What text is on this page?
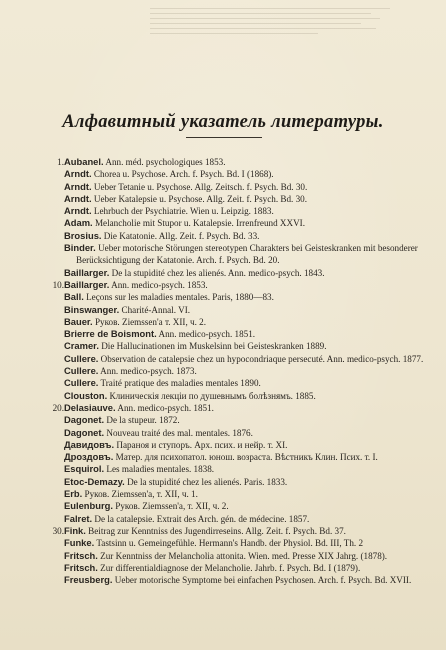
Алфавитный указатель литературы.
1. Aubanel. Ann. méd. psychologiques 1853.
Arndt. Chorea u. Psychose. Arch. f. Psych. Bd. I (1868).
Arndt. Ueber Tetanie u. Psychose. Allg. Zeitsch. f. Psych. Bd. 30.
Arndt. Ueber Katalepsie u. Psychose. Allg. Zeit. f. Psych. Bd. 30.
Arndt. Lehrbuch der Psychiatrie. Wien u. Leipzig. 1883.
Adam. Melancholie mit Stupor u. Katalepsie. Irrenfreund XXVI.
Brosius. Die Katatonie. Allg. Zeit. f. Psych. Bd. 33.
Binder. Ueber motorische Störungen stereotypen Charakters bei Geisteskranken mit besonderer Berücksichtigung der Katatonie. Arch. f. Psych. Bd. 20.
Baillarger. De la stupidité chez les alienés. Ann. medico-psych. 1843.
10. Baillarger. Ann. medico-psych. 1853.
Ball. Leçons sur les maladies mentales. Paris, 1880—83.
Binswanger. Charité-Annal. VI.
Bauer. Руков. Ziemssen'а т. XII, ч. 2.
Brierre de Boismont. Ann. medico-psych. 1851.
Cramer. Die Hallucinationen im Muskelsinn bei Geisteskranken 1889.
Cullere. Observation de catalepsie chez un hypocondriaque persecuté. Ann. medico-psych. 1877.
Cullere. Ann. medico-psych. 1873.
Cullere. Traité pratique des maladies mentales 1890.
Clouston. Клиническія лекціи по душевнымъ болѣзнямъ. 1885.
20. Delasiauve. Ann. medico-psych. 1851.
Dagonet. De la stupeur. 1872.
Dagonet. Nouveau traité des mal. mentales. 1876.
Давидовъ. Параноя и ступоръ. Арх. псих. и нейр. т. XI.
Дроздовъ. Матер. для психопатол. юнош. возраста. Вѣстникъ Клин. Псих. т. I.
Esquirol. Les maladies mentales. 1838.
Etoc-Demazy. De la stupidité chez les alienés. Paris. 1833.
Erb. Руков. Ziemssen'а, т. XII, ч. 1.
Eulenburg. Руков. Ziemssen'а, т. XII, ч. 2.
Falret. De la catalepsie. Extrait des Arch. gén. de médecine. 1857.
30. Fink. Beitrag zur Kenntniss des Jugendirreseins. Allg. Zeit. f. Psych. Bd. 37.
Funke. Tastsinn u. Gemeingefühle. Hermann's Handb. der Physiol. Bd. III, Th. 2
Fritsch. Zur Kenntniss der Melancholia attonita. Wien. med. Presse XIX Jahrg. (1878).
Fritsch. Zur differentialdiagnose der Melancholie. Jahrb. f. Psych. Bd. I (1879).
Freusberg. Ueber motorische Symptome bei einfachen Psychosen. Arch. f. Psych. Bd. XVII.
